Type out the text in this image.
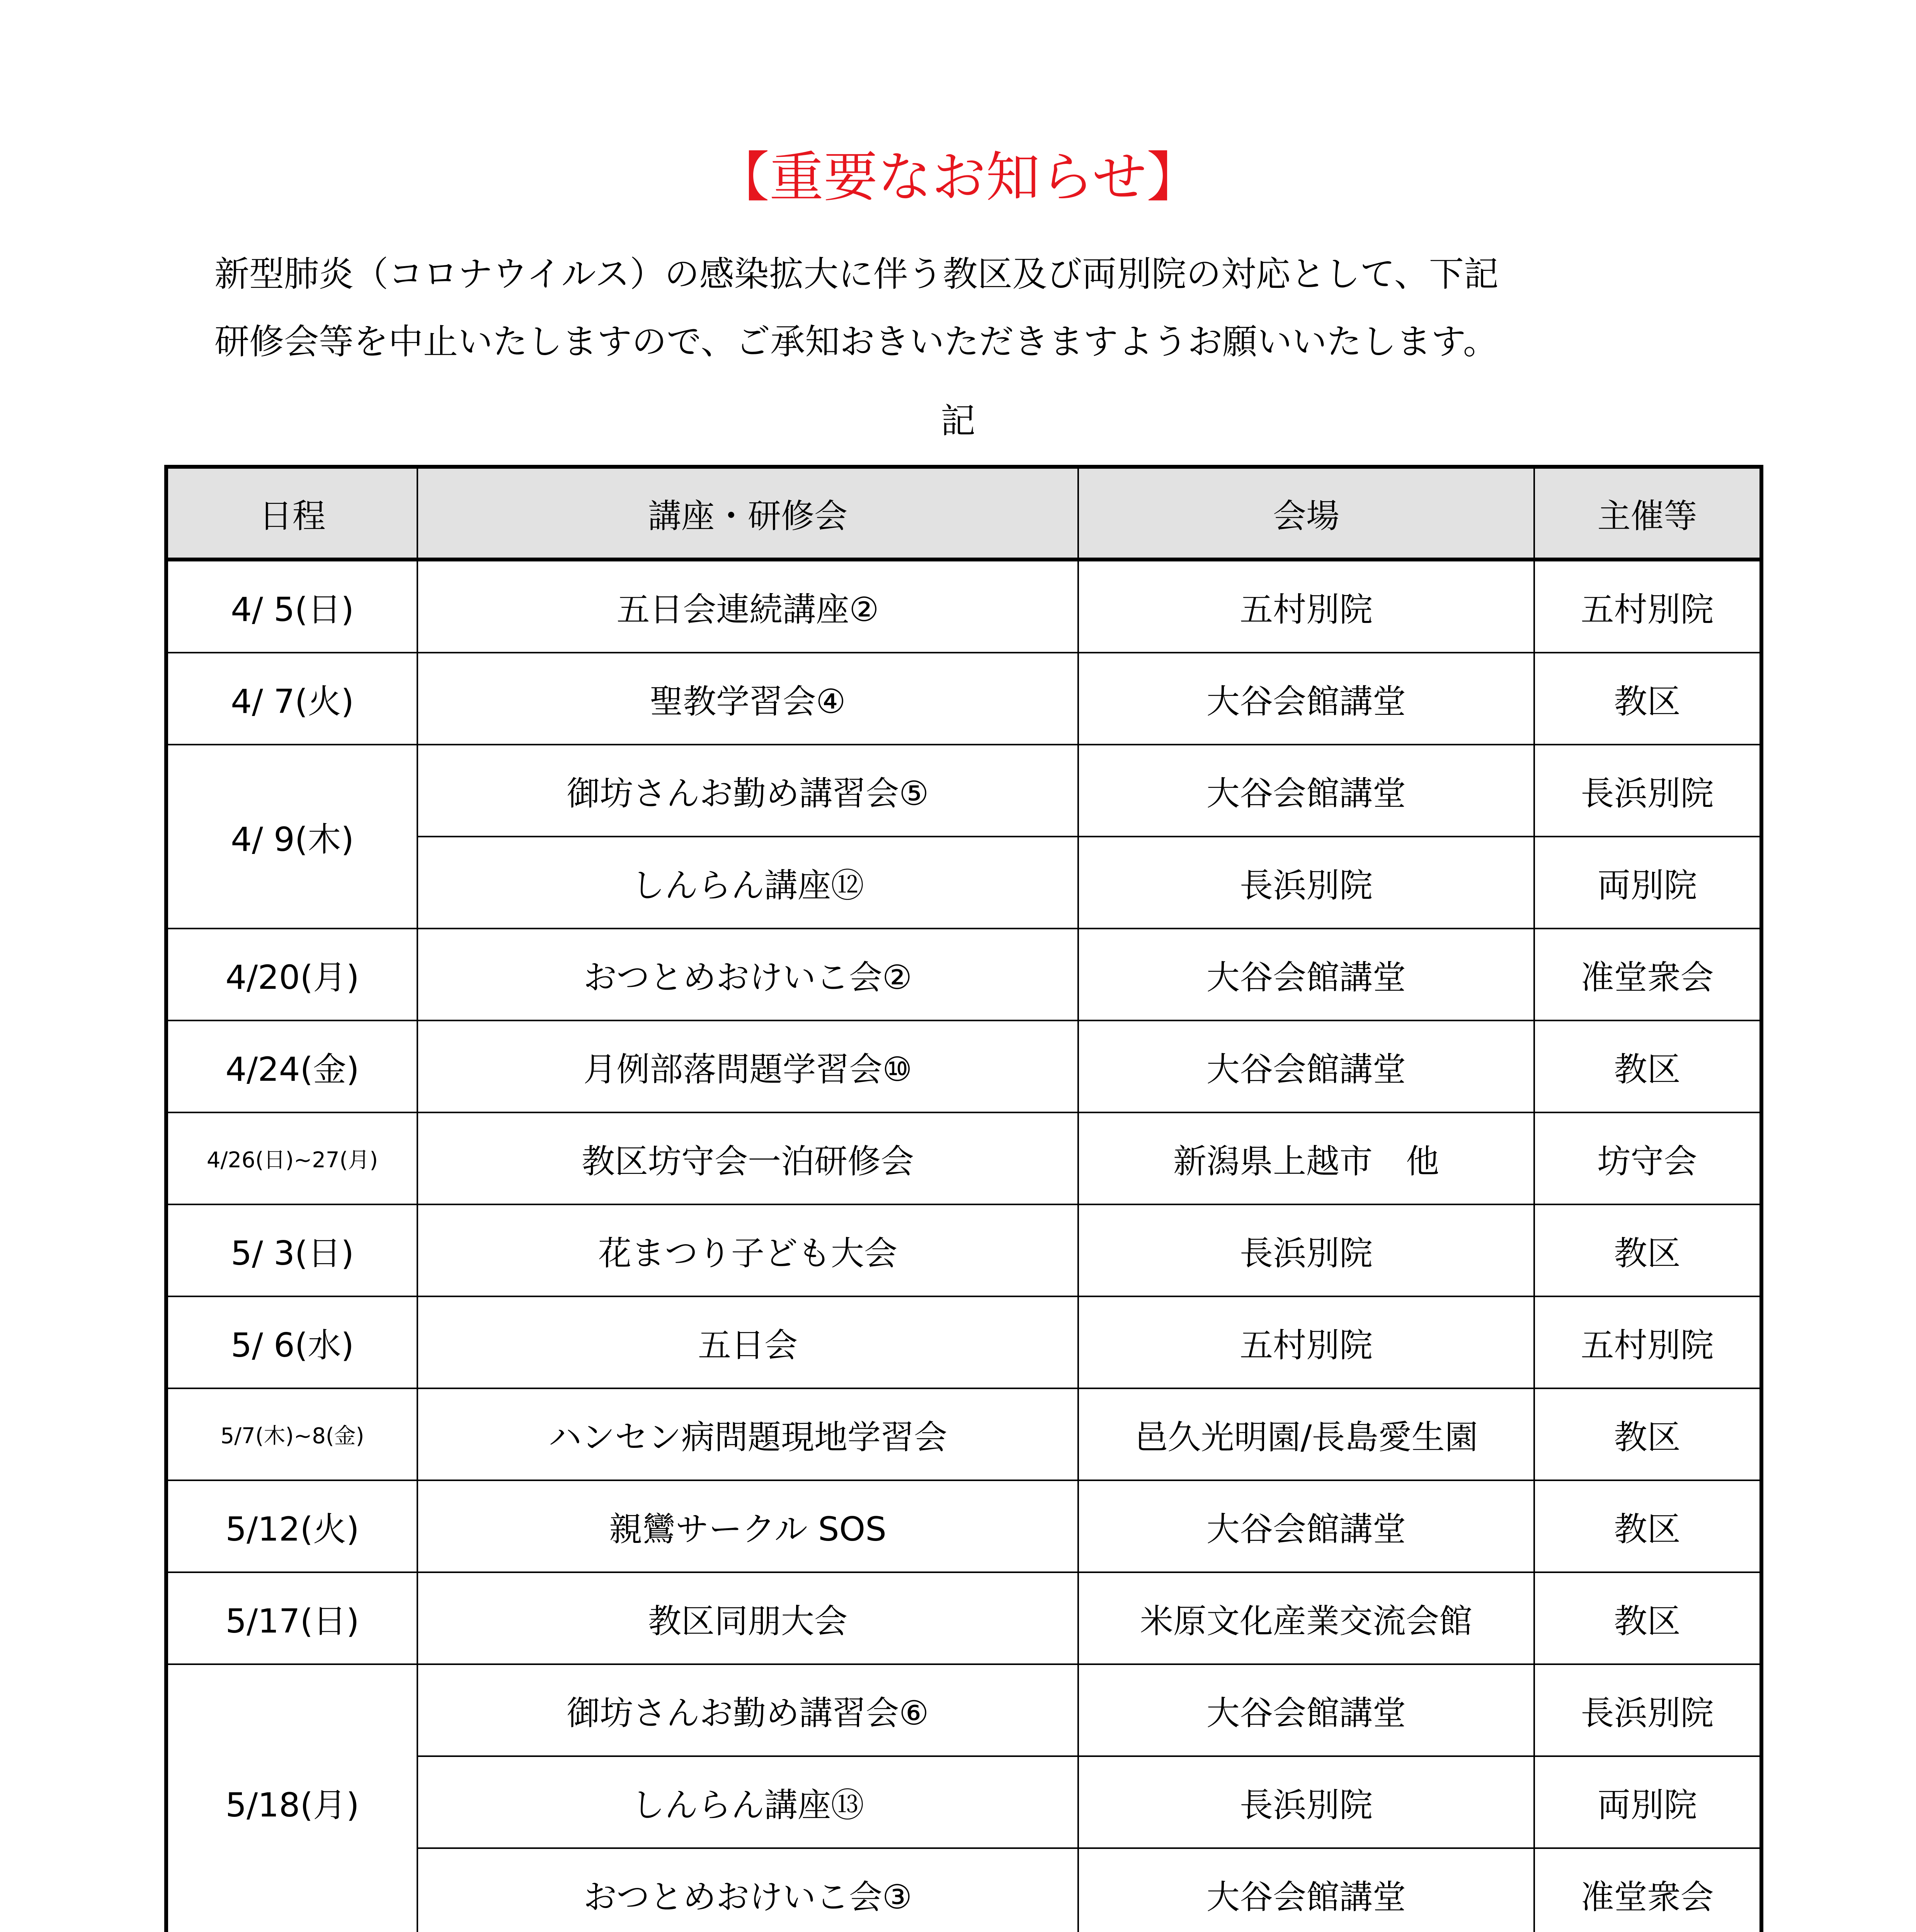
【重要なお知らせ】
新型肺炎（コロナウイルス）の感染拡大に伴う教区及び両別院の対応として、下記
研修会等を中止いたしますので、ご承知おきいただきますようお願いいたします。
記
日程	講座・研修会	会場	主催等
4/ 5(日)	五日会連続講座②	五村別院	五村別院
4/ 7(火)	聖教学習会④	大谷会館講堂	教区
4/ 9(木)	御坊さんお勤め講習会⑤	大谷会館講堂	長浜別院
	しんらん講座⑫	長浜別院	両別院
4/20(月)	おつとめおけいこ会②	大谷会館講堂	准堂衆会
4/24(金)	月例部落問題学習会⑩	大谷会館講堂	教区
4/26(日)~27(月)	教区坊守会一泊研修会	新潟県上越市　他	坊守会
5/ 3(日)	花まつり子ども大会	長浜別院	教区
5/ 6(水)	五日会	五村別院	五村別院
5/7(木)~8(金)	ハンセン病問題現地学習会	邑久光明園/長島愛生園	教区
5/12(火)	親鸞サークル SOS	大谷会館講堂	教区
5/17(日)	教区同朋大会	米原文化産業交流会館	教区
5/18(月)	御坊さんお勤め講習会⑥	大谷会館講堂	長浜別院
	しんらん講座⑬	長浜別院	両別院
	おつとめおけいこ会③	大谷会館講堂	准堂衆会
